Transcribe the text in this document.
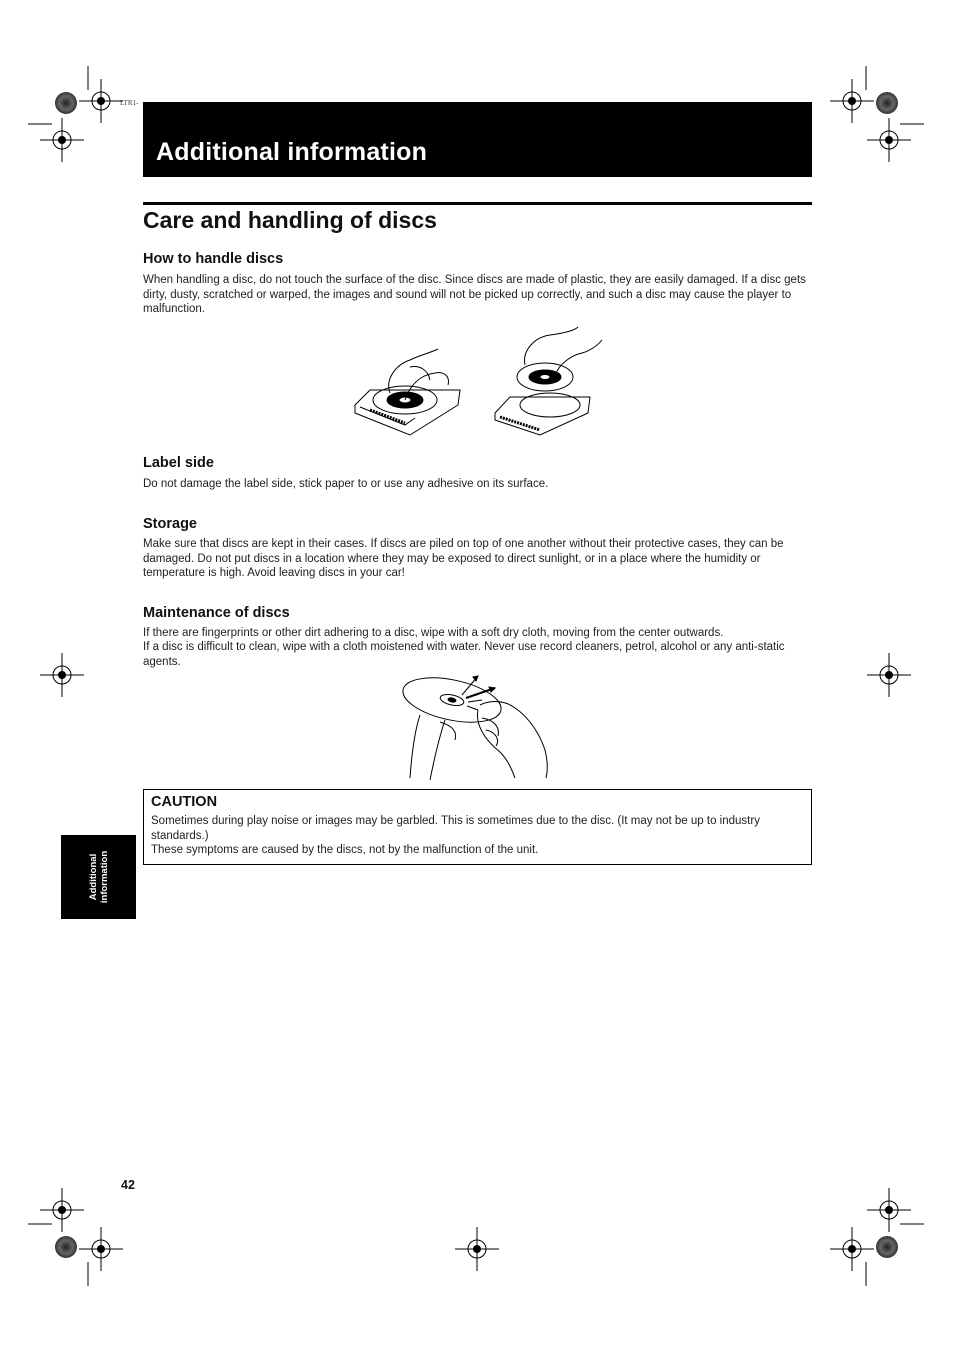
LTR1-
Additional information
Care and handling of discs
How to handle discs
When handling a disc, do not touch the surface of the disc. Since discs are made of plastic, they are easily damaged. If a disc gets dirty, dusty, scratched or warped, the images and sound will not be picked up correctly, and such a disc may cause the player to malfunction.
Label side
Do not damage the label side, stick paper to or use any adhesive on its surface.
Storage
Make sure that discs are kept in their cases. If discs are piled on top of one another without their protective cases, they can be damaged. Do not put discs in a location where they may be exposed to direct sunlight, or in a place where the humidity or temperature is high. Avoid leaving discs in your car!
Maintenance of discs
If there are fingerprints or other dirt adhering to a disc, wipe with a soft dry cloth, moving from the center outwards.
If a disc is difficult to clean, wipe with a cloth moistened with water. Never use record cleaners, petrol, alcohol or any anti-static agents.
CAUTION
Sometimes during play noise or images may be garbled. This is sometimes due to the disc. (It may not be up to industry standards.)
These symptoms are caused by the discs, not by the malfunction of the unit.
Additional information
42
